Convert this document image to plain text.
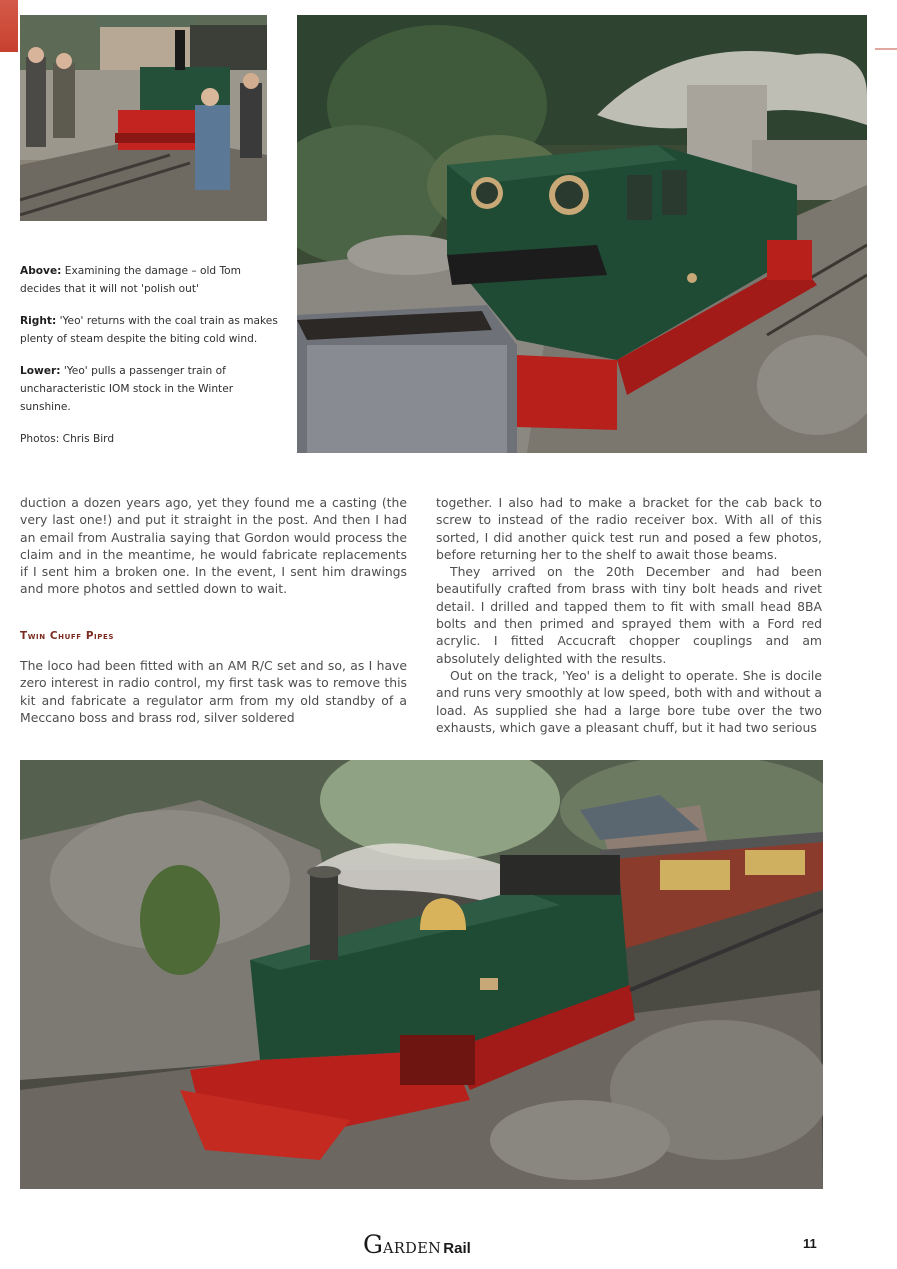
Above: Examining the damage – old Tom decides that it will not 'polish out'

Right: 'Yeo' returns with the coal train as makes plenty of steam despite the biting cold wind.

Lower: 'Yeo' pulls a passenger train of uncharacteristic IOM stock in the Winter sunshine.

Photos: Chris Bird

duction a dozen years ago, yet they found me a casting (the very last one!) and put it straight in the post. And then I had an email from Australia saying that Gordon would process the claim and in the meantime, he would fabricate replacements if I sent him a broken one. In the event, I sent him drawings and more photos and settled down to wait.

Twin Chuff Pipes

The loco had been fitted with an AM R/C set and so, as I have zero interest in radio control, my first task was to remove this kit and fabricate a regulator arm from my old standby of a Meccano boss and brass rod, silver soldered

together. I also had to make a bracket for the cab back to screw to instead of the radio receiver box. With all of this sorted, I did another quick test run and posed a few photos, before returning her to the shelf to await those beams.

They arrived on the 20th December and had been beautifully crafted from brass with tiny bolt heads and rivet detail. I drilled and tapped them to fit with small head 8BA bolts and then primed and sprayed them with a Ford red acrylic. I fitted Accucraft chopper couplings and am absolutely delighted with the results.

Out on the track, 'Yeo' is a delight to operate. She is docile and runs very smoothly at low speed, both with and without a load. As supplied she had a large bore tube over the two exhausts, which gave a pleasant chuff, but it had two serious

G ARDEN Rail	11
